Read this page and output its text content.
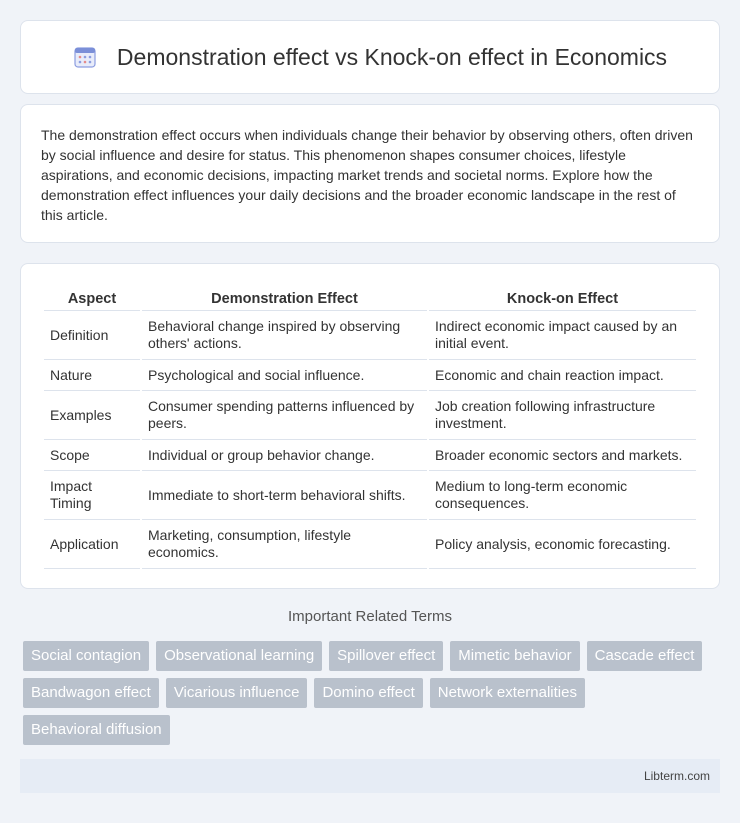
Demonstration effect vs Knock-on effect in Economics

The demonstration effect occurs when individuals change their behavior by observing others, often driven by social influence and desire for status. This phenomenon shapes consumer choices, lifestyle aspirations, and economic decisions, impacting market trends and societal norms. Explore how the demonstration effect influences your daily decisions and the broader economic landscape in the rest of this article.

Aspect	Demonstration Effect	Knock-on Effect
Definition	Behavioral change inspired by observing others' actions.	Indirect economic impact caused by an initial event.
Nature	Psychological and social influence.	Economic and chain reaction impact.
Examples	Consumer spending patterns influenced by peers.	Job creation following infrastructure investment.
Scope	Individual or group behavior change.	Broader economic sectors and markets.
Impact Timing	Immediate to short-term behavioral shifts.	Medium to long-term economic consequences.
Application	Marketing, consumption, lifestyle economics.	Policy analysis, economic forecasting.
Important Related Terms
Social contagion	Observational learning	Spillover effect	Mimetic behavior	Cascade effect
Bandwagon effect	Vicarious influence	Domino effect	Network externalities
Behavioral diffusion
Libterm.com
